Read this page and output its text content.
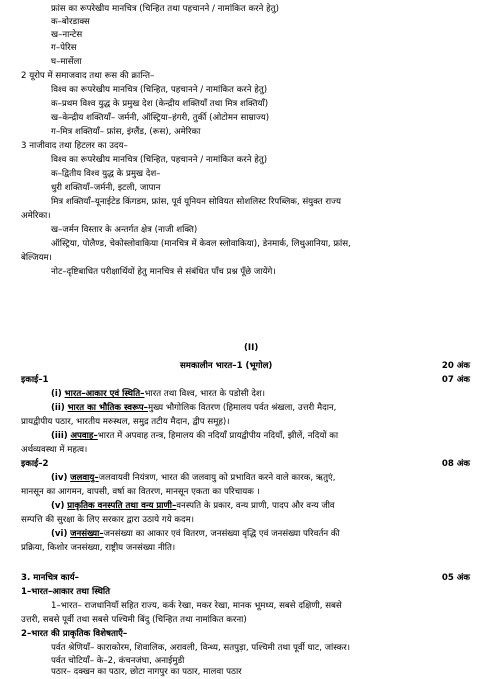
फ्रांस का रूपरेखीय मानचित्र (चिन्हित तथा पहचानने / नामांकित करने हेतु)
क–बोरडाक्स
ख–नान्टेस
ग–पेरिस
घ–मार्सेला
2 यूरोप में समाजवाद तथा रूस की क्रान्ति–
विश्व का रूपरेखीय मानचित्र (चिन्हित, पहचानने / नामांकित करने हेतु)
क–प्रथम विश्व युद्ध के प्रमुख देश (केन्द्रीय शक्तियाँ तथा मित्र शक्तियाँ)
ख–केन्द्रीय शक्तियाँ– जर्मनी, ऑस्ट्रिया–हंगरी, तुर्की (ओटोमन साम्राज्य)
ग–मित्र शक्तियाँ– फ्रांस, इंग्लैंड, (रूस), अमेरिका
3 नाजीवाद तथा हिटलर का उदय–
विश्व का रूपरेखीय मानचित्र (चिन्हित, पहचानने / नामांकित करने हेतु)
क–द्वितीय विश्व युद्ध के प्रमुख देश–
धुरी शक्तियाँ–जर्मनी, इटली, जापान
मित्र शक्तियाँ–यूनाईटेड किंगडम, फ्रांस, पूर्व यूनियन सोवियत सोशलिस्ट रिपब्लिक, संयुक्त राज्य
अमेरिका।
ख–जर्मन विस्तार के अन्तर्गत क्षेत्र (नाजी शक्ति)
ऑस्ट्रिया, पोलैण्ड, चेकोस्लोवाकिया (मानचित्र में केवल स्लोवाकिया), डेनमार्क, लिथुआनिया, फ्रांस,
बेल्जियम।
नोट–दृष्टिबाधित परीक्षार्थियों हेतु मानचित्र से संबंधित पाँच प्रश्न पूँछे जायेंगे।
(II)
समकालीन भारत–1 (भूगोल)	20 अंक
इकाई–1	07 अंक
(i) भारत–आकार एवं स्थिति–भारत तथा विश्व, भारत के पडोसी देश।
(ii) भारत का भौतिक स्वरूप–मुख्य भौगोलिक वितरण (हिमालय पर्वत श्रंखला, उत्तरी मैदान,
प्रायद्वीपीय पठार, भारतीय मरुस्थल, समुद्र तटीय मैदान, द्वीप समूह)।
(iii) अपवाह–भारत में अपवाह तन्त्र, हिमालय की नदियाँ प्रायद्वीपीय नदियाँ, झीलें, नदियों का
अर्थव्यवस्था में महत्व।
इकाई–2	08 अंक
(iv) जलवायु–जलवायवी नियंत्रण, भारत की जलवायु को प्रभावित करने वाले कारक, ऋतुएं,
मानसून का आगमन, वापसी, वर्षा का वितरण, मानसून एकता का परिचायक ।
(v) प्राकृतिक वनस्पति तथा वन्य प्राणी–वनस्पति के प्रकार, वन्य प्राणी, पादप और वन्य जीव
सम्पत्ति की सुरक्षा के लिए सरकार द्वारा उठाये गये कदम।
(vi) जनसंख्या–जनसंख्या का आकार एवं वितरण, जनसंख्या वृद्धि एवं जनसंख्या परिवर्तन की
प्रक्रिया, किशोर जनसंख्या, राष्ट्रीय जनसंख्या नीति।
3. मानचित्र कार्य–	05 अंक
1–भारत–आकार तथा स्थिति
1–भारत– राजधानियाँ सहित राज्य, कर्क रेखा, मकर रेखा, मानक भूमध्य, सबसे दक्षिणी, सबसे
उत्तरी, सबसे पूर्वी तथा सबसे पश्चिमी बिंदु (चिन्हित तथा नामांकित करना)
2–भारत की प्राकृतिक विशेषताएँ–
पर्वत श्रेणियाँ– काराकोरम, शिवालिक, अरावली, विन्ध्य, सतपुड़ा, पश्चिमी तथा पूर्वी घाट, जांस्कर।
पर्वत चोटियाँ– के–2, कंचनजंघा, अनाईमुडी
पठार– दक्खन का पठार, छोटा नागपुर का पठार, मालवा पठार
